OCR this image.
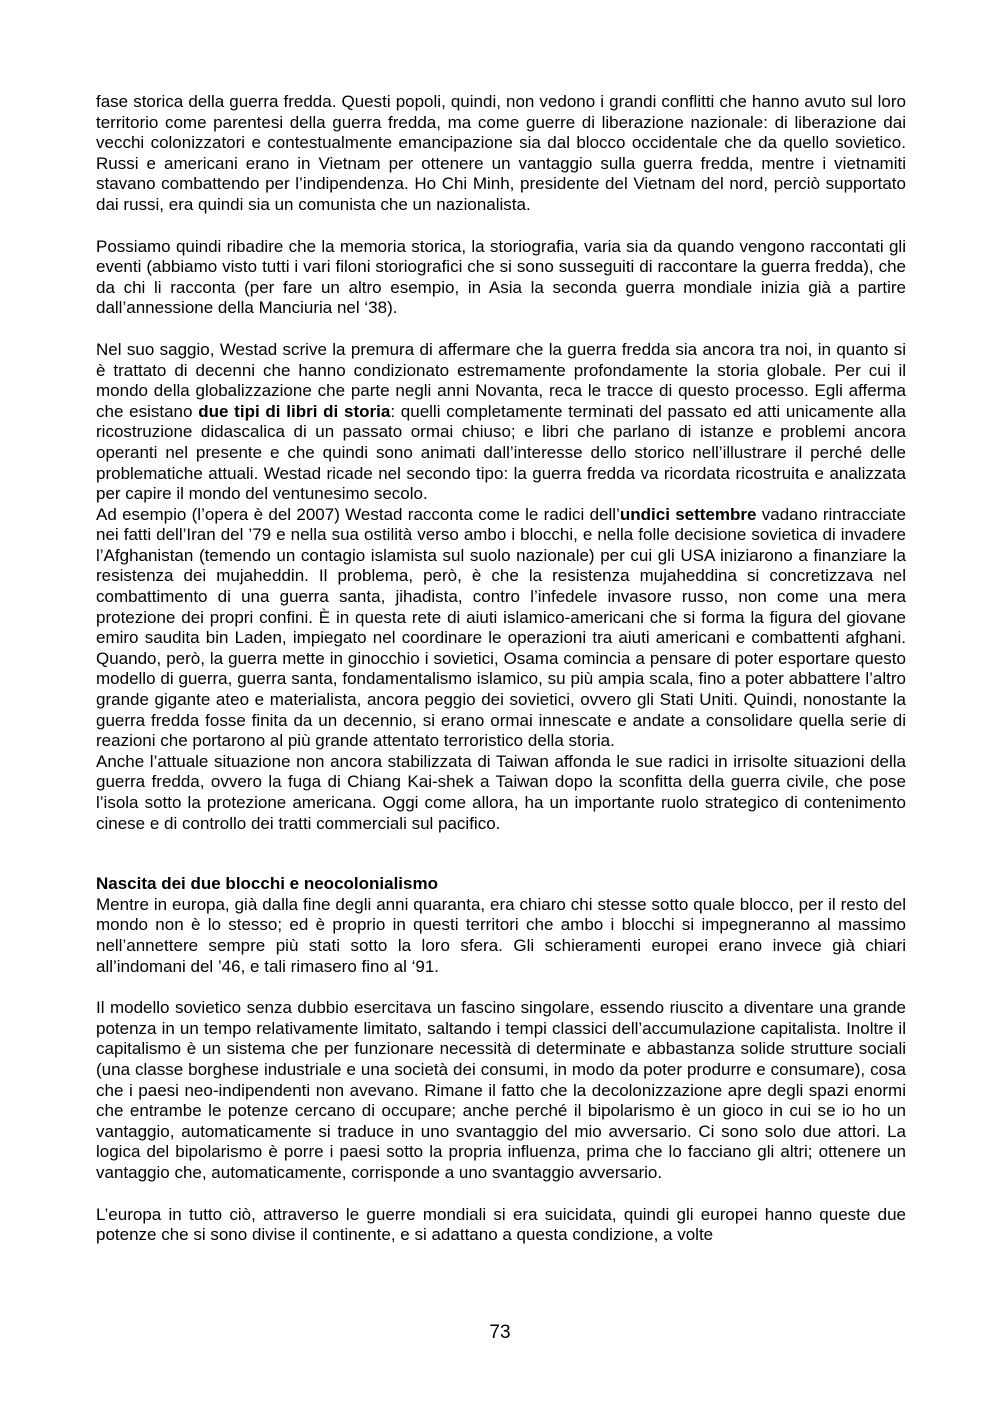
fase storica della guerra fredda. Questi popoli, quindi, non vedono i grandi conflitti che hanno avuto sul loro territorio come parentesi della guerra fredda, ma come guerre di liberazione nazionale: di liberazione dai vecchi colonizzatori e contestualmente emancipazione sia dal blocco occidentale che da quello sovietico. Russi e americani erano in Vietnam per ottenere un vantaggio sulla guerra fredda, mentre i vietnamiti stavano combattendo per l’indipendenza. Ho Chi Minh, presidente del Vietnam del nord, perciò supportato dai russi, era quindi sia un comunista che un nazionalista.

Possiamo quindi ribadire che la memoria storica, la storiografia, varia sia da quando vengono raccontati gli eventi (abbiamo visto tutti i vari filoni storiografici che si sono susseguiti di raccontare la guerra fredda), che da chi li racconta (per fare un altro esempio, in Asia la seconda guerra mondiale inizia già a partire dall’annessione della Manciuria nel ‘38).

Nel suo saggio, Westad scrive la premura di affermare che la guerra fredda sia ancora tra noi, in quanto si è trattato di decenni che hanno condizionato estremamente profondamente la storia globale. Per cui il mondo della globalizzazione che parte negli anni Novanta, reca le tracce di questo processo. Egli afferma che esistano due tipi di libri di storia: quelli completamente terminati del passato ed atti unicamente alla ricostruzione didascalica di un passato ormai chiuso; e libri che parlano di istanze e problemi ancora operanti nel presente e che quindi sono animati dall’interesse dello storico nell’illustrare il perché delle problematiche attuali. Westad ricade nel secondo tipo: la guerra fredda va ricordata ricostruita e analizzata per capire il mondo del ventunesimo secolo.

Ad esempio (l’opera è del 2007) Westad racconta come le radici dell’undici settembre vadano rintracciate nei fatti dell’Iran del ’79 e nella sua ostilità verso ambo i blocchi, e nella folle decisione sovietica di invadere l’Afghanistan (temendo un contagio islamista sul suolo nazionale) per cui gli USA iniziarono a finanziare la resistenza dei mujaheddin. Il problema, però, è che la resistenza mujaheddina si concretizzava nel combattimento di una guerra santa, jihadista, contro l’infedele invasore russo, non come una mera protezione dei propri confini. È in questa rete di aiuti islamico-americani che si forma la figura del giovane emiro saudita bin Laden, impiegato nel coordinare le operazioni tra aiuti americani e combattenti afghani. Quando, però, la guerra mette in ginocchio i sovietici, Osama comincia a pensare di poter esportare questo modello di guerra, guerra santa, fondamentalismo islamico, su più ampia scala, fino a poter abbattere l’altro grande gigante ateo e materialista, ancora peggio dei sovietici, ovvero gli Stati Uniti. Quindi, nonostante la guerra fredda fosse finita da un decennio, si erano ormai innescate e andate a consolidare quella serie di reazioni che portarono al più grande attentato terroristico della storia.

Anche l’attuale situazione non ancora stabilizzata di Taiwan affonda le sue radici in irrisolte situazioni della guerra fredda, ovvero la fuga di Chiang Kai-shek a Taiwan dopo la sconfitta della guerra civile, che pose l’isola sotto la protezione americana. Oggi come allora, ha un importante ruolo strategico di contenimento cinese e di controllo dei tratti commerciali sul pacifico.

Nascita dei due blocchi e neocolonialismo

Mentre in europa, già dalla fine degli anni quaranta, era chiaro chi stesse sotto quale blocco, per il resto del mondo non è lo stesso; ed è proprio in questi territori che ambo i blocchi si impegneranno al massimo nell’annettere sempre più stati sotto la loro sfera. Gli schieramenti europei erano invece già chiari all’indomani del ’46, e tali rimasero fino al ‘91.

Il modello sovietico senza dubbio esercitava un fascino singolare, essendo riuscito a diventare una grande potenza in un tempo relativamente limitato, saltando i tempi classici dell’accumulazione capitalista. Inoltre il capitalismo è un sistema che per funzionare necessità di determinate e abbastanza solide strutture sociali (una classe borghese industriale e una società dei consumi, in modo da poter produrre e consumare), cosa che i paesi neo-indipendenti non avevano. Rimane il fatto che la decolonizzazione apre degli spazi enormi che entrambe le potenze cercano di occupare; anche perché il bipolarismo è un gioco in cui se io ho un vantaggio, automaticamente si traduce in uno svantaggio del mio avversario. Ci sono solo due attori. La logica del bipolarismo è porre i paesi sotto la propria influenza, prima che lo facciano gli altri; ottenere un vantaggio che, automaticamente, corrisponde a uno svantaggio avversario.

L’europa in tutto ciò, attraverso le guerre mondiali si era suicidata, quindi gli europei hanno queste due potenze che si sono divise il continente, e si adattano a questa condizione, a volte

73
